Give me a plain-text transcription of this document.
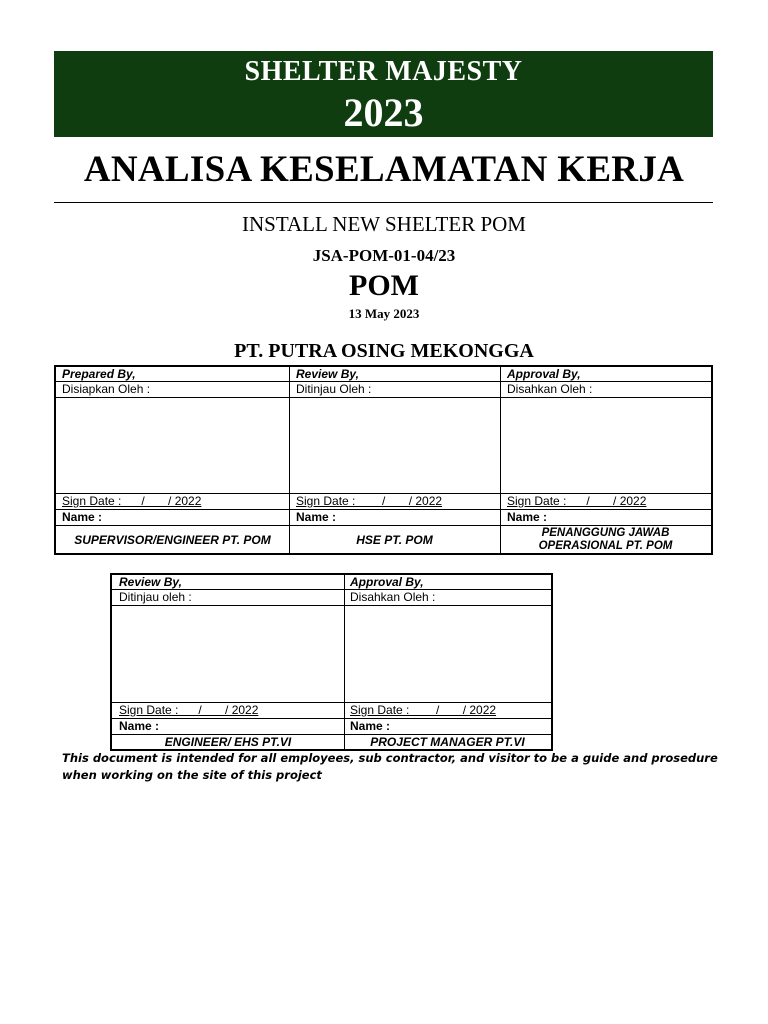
SHELTER MAJESTY
2023
ANALISA KESELAMATAN KERJA
INSTALL NEW SHELTER POM
JSA-POM-01-04/23
POM
13 May 2023
PT. PUTRA OSING MEKONGGA
Prepared By,
Disiapkan Oleh :
Sign Date :      /       / 2022
Name :
SUPERVISOR/ENGINEER PT. POM
Review By,
Ditinjau Oleh :
Sign Date :        /       / 2022
Name :
HSE PT. POM
Approval By,
Disahkan Oleh :
Sign Date :      /       / 2022
Name :
PENANGGUNG JAWAB OPERASIONAL PT. POM
Review By,
Ditinjau oleh :
Sign Date :      /       / 2022
Name :
ENGINEER/ EHS PT.VI
Approval By,
Disahkan Oleh :
Sign Date :        /       / 2022
Name :
PROJECT MANAGER PT.VI
This document is intended for all employees, sub contractor, and visitor to be a guide and prosedure when working on the site of this project
